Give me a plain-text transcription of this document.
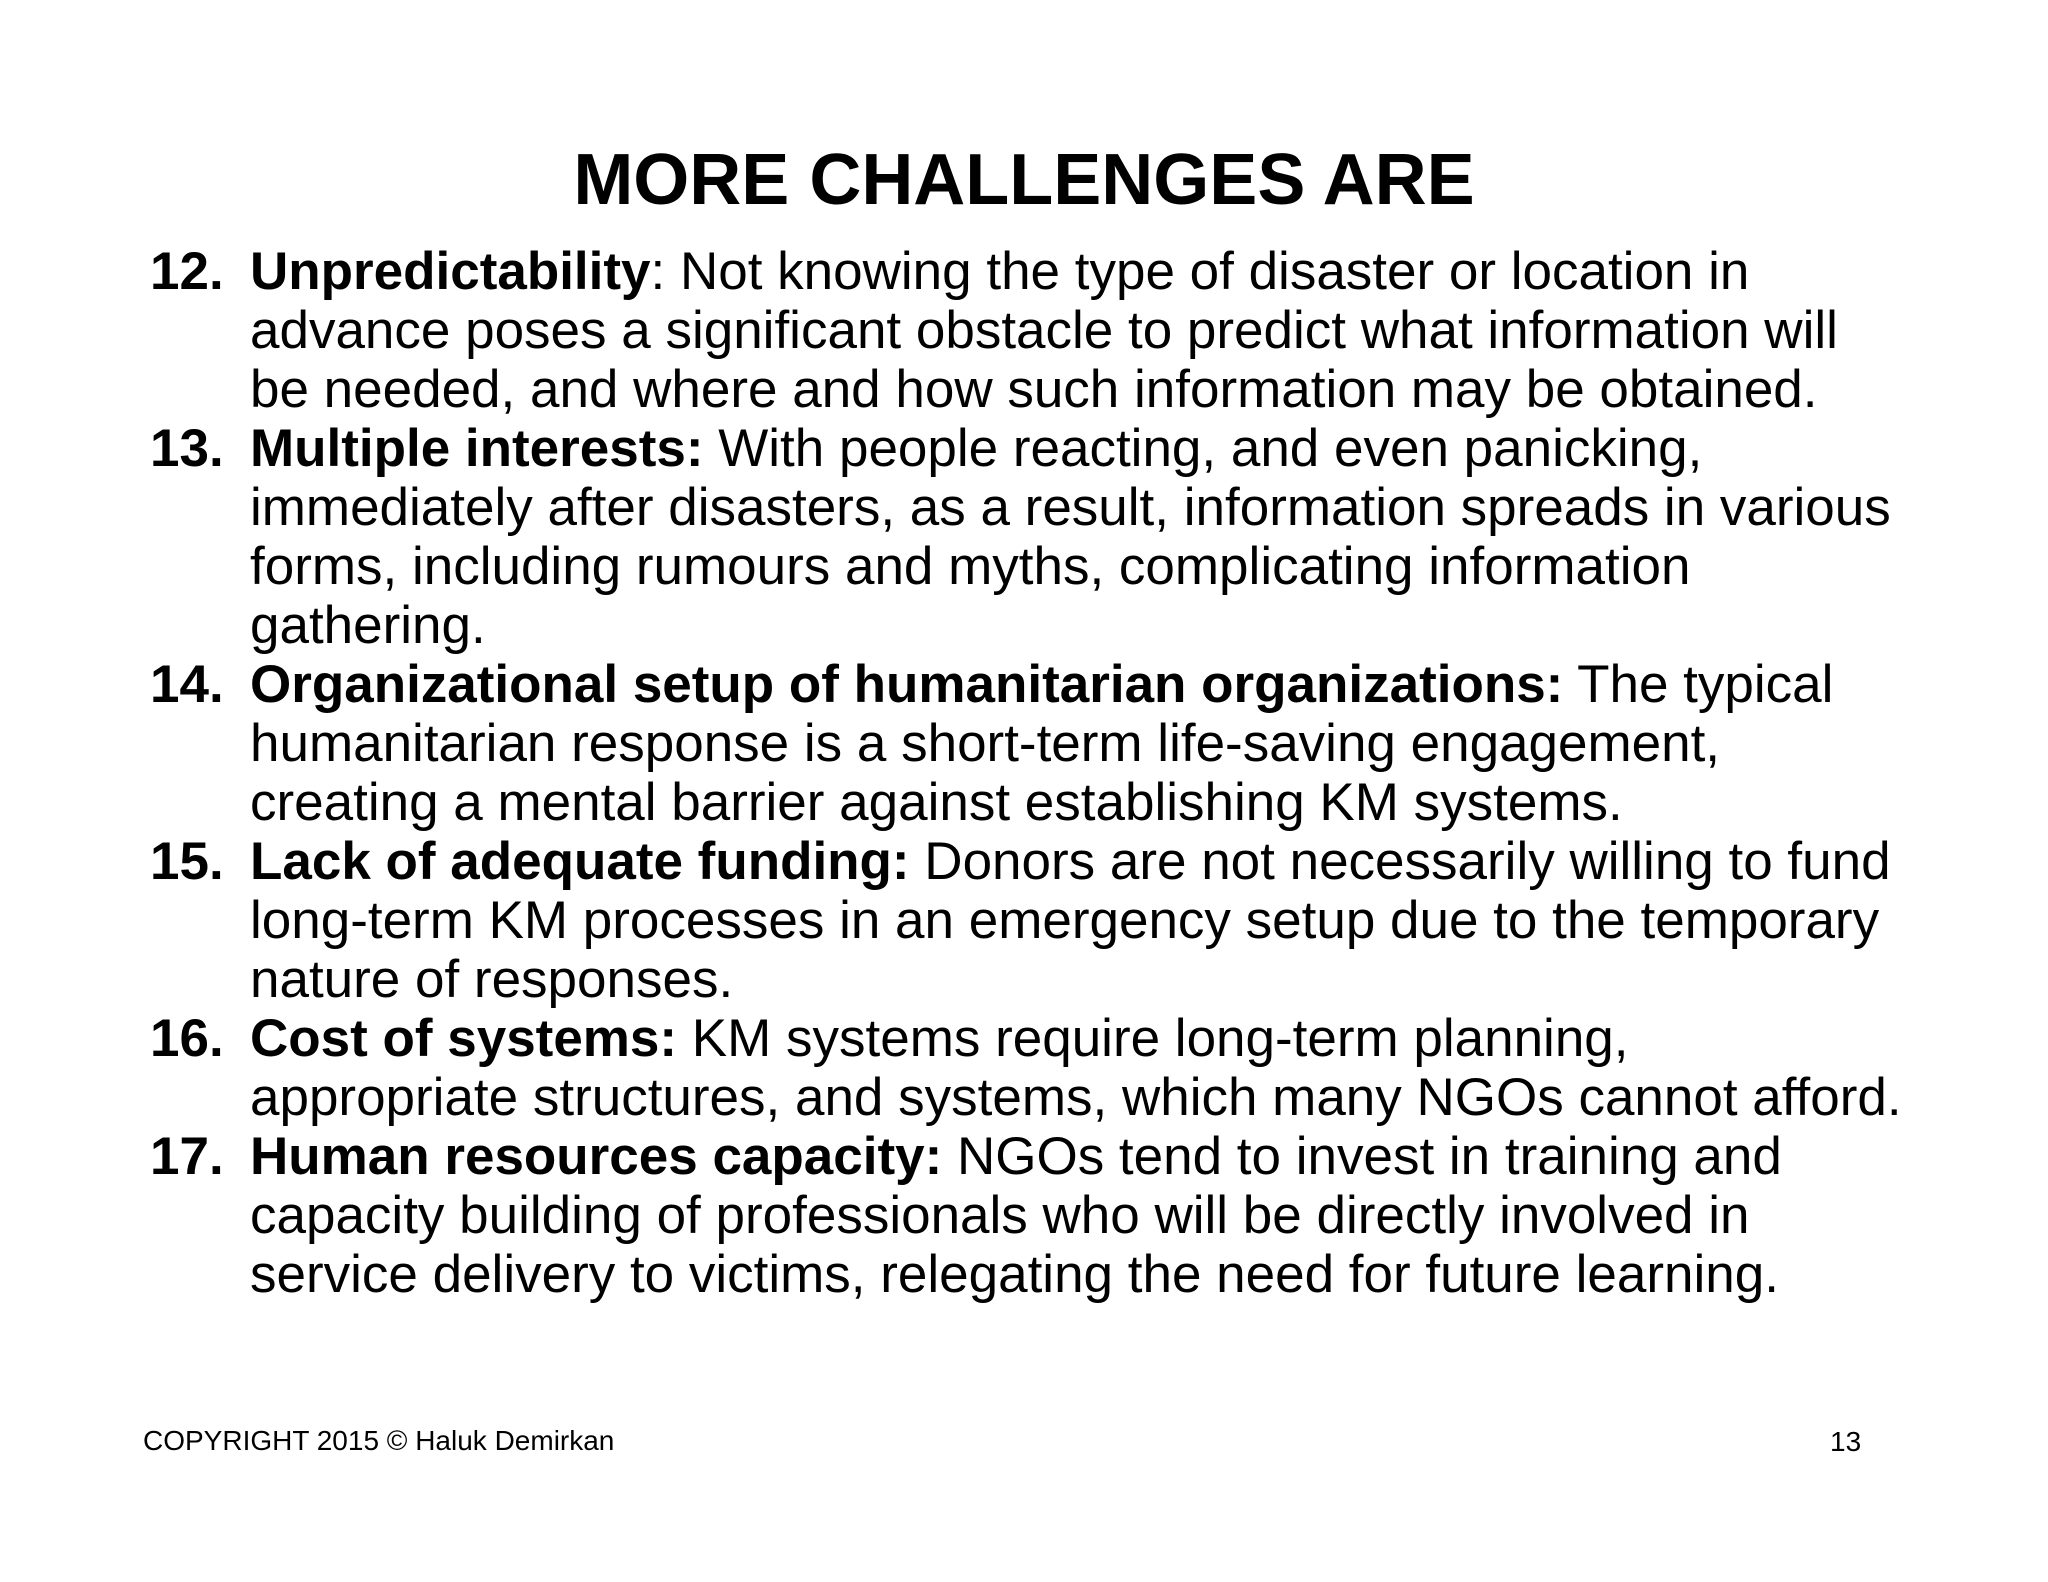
MORE CHALLENGES ARE
12. Unpredictability: Not knowing the type of disaster or location in advance poses a significant obstacle to predict what information will be needed, and where and how such information may be obtained.
13. Multiple interests: With people reacting, and even panicking, immediately after disasters, as a result, information spreads in various forms, including rumours and myths, complicating information gathering.
14. Organizational setup of humanitarian organizations: The typical humanitarian response is a short-term life-saving engagement, creating a mental barrier against establishing KM systems.
15. Lack of adequate funding: Donors are not necessarily willing to fund long-term KM processes in an emergency setup due to the temporary nature of responses.
16. Cost of systems: KM systems require long-term planning, appropriate structures, and systems, which many NGOs cannot afford.
17. Human resources capacity: NGOs tend to invest in training and capacity building of professionals who will be directly involved in service delivery to victims, relegating the need for future learning.
COPYRIGHT 2015 © Haluk Demirkan	13
